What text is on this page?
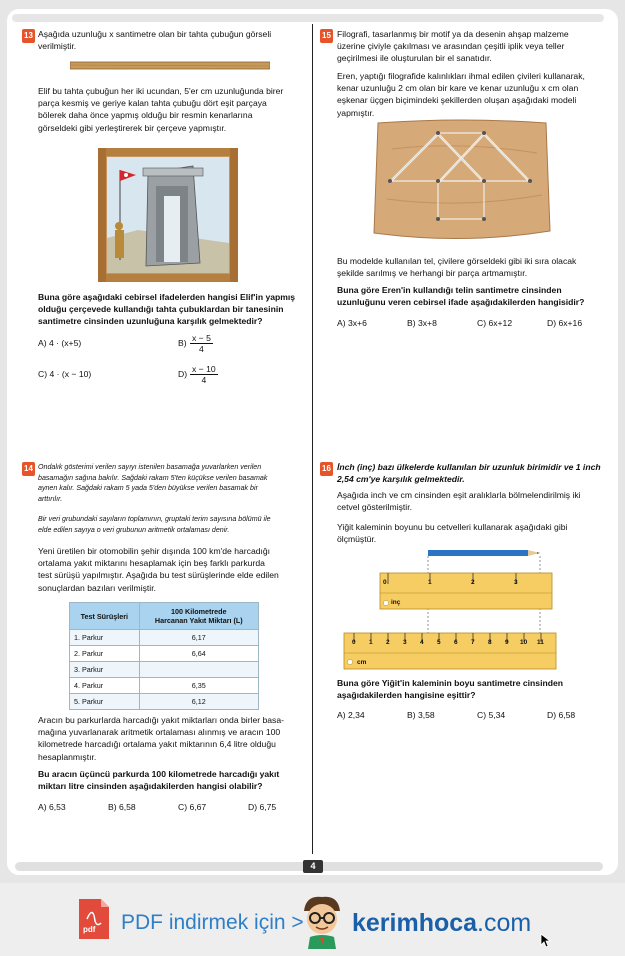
13 Aşağıda uzunluğu x santimetre olan bir tahta çubuğun görseli
verilmiştir.
Elif bu tahta çubuğun her iki ucundan, 5'er cm uzunluğunda birer
parça kesmiş ve geriye kalan tahta çubuğu dört eşit parçaya
bölerek daha önce yapmış olduğu bir resmin kenarlarına
görseldeki gibi yerleştirerek bir çerçeve yapmıştır.
Buna göre aşağıdaki cebirsel ifadelerden hangisi Elif'in yapmış
olduğu çerçevede kullandığı tahta çubuklardan bir tanesinin
santimetre cinsinden uzunluğuna karşılık gelmektedir?
A) 4 · (x+5)	$B) \frac{x - 5}{4}$
C) 4 · (x − 10)	$D) \frac{x - 10}{4}$
14 Ondalık gösterimi verilen sayıyı istenilen basamağa yuvarlarken verilen
basamağın sağına bakılır. Sağdaki rakam 5'ten küçükse verilen basamak
aynen kalır. Sağdaki rakam 5 yada 5'den büyükse verilen basamak bir
arttırılır.
Bir veri grubundaki sayıların toplamının, gruptaki terim sayısına bölümü ile
elde edilen sayıya o veri grubunun aritmetik ortalaması denir.
Yeni üretilen bir otomobilin şehir dışında 100 km'de harcadığı
ortalama yakıt miktarını hesaplamak için beş farklı parkurda
test sürüşü yapılmıştır. Aşağıda bu test sürüşlerinde elde edilen
sonuçlardan bazıları verilmiştir.
Test Sürüşleri	100 Kilometrede
Harcanan Yakıt Miktarı (L)

1. Parkur	6,17
2. Parkur	6,64
3. Parkur	
4. Parkur	6,35
5. Parkur	6,12
Aracın bu parkurlarda harcadığı yakıt miktarları onda birler basa-
mağına yuvarlanarak aritmetik ortalaması alınmış ve aracın 100
kilometrede harcadığı ortalama yakıt miktarının 6,4 litre olduğu
hesaplanmıştır.
Bu aracın üçüncü parkurda 100 kilometrede harcadığı yakıt
miktarı litre cinsinden aşağıdakilerden hangisi olabilir?
A) 6,53	B) 6,58	C) 6,67	D) 6,75
15 Filografi, tasarlanmış bir motif ya da desenin ahşap malzeme
üzerine çiviyle çakılması ve arasından çeşitli iplik veya teller
geçirilmesi ile oluşturulan bir el sanatıdır.
Eren, yaptığı filografide kalınlıkları ihmal edilen çivileri kullanarak,
kenar uzunluğu 2 cm olan bir kare ve kenar uzunluğu x cm olan
eşkenar üçgen biçimindeki şekillerden oluşan aşağıdaki modeli
yapmıştır.
Bu modelde kullanılan tel, çivilere görseldeki gibi iki sıra olacak
şekilde sarılmış ve herhangi bir parça artmamıştır.
Buna göre Eren'in kullandığı telin santimetre cinsinden
uzunluğunu veren cebirsel ifade aşağıdakilerden hangisidir?
A) 3x+6	B) 3x+8	C) 6x+12	D) 6x+16
16 İnch (inç) bazı ülkelerde kullanılan bir uzunluk birimidir ve 1 inch
2,54 cm'ye karşılık gelmektedir.
Aşağıda inch ve cm cinsinden eşit aralıklarla bölmelendirilmiş iki
cetvel gösterilmiştir.
Yiğit kaleminin boyunu bu cetvelleri kullanarak aşağıdaki gibi
ölçmüştür.
0	1	2	3
inç
0 1 2 3 4 5 6 7 8 9 10 11
cm
Buna göre Yiğit'in kaleminin boyu santimetre cinsinden
aşağıdakilerden hangisine eşittir?
A) 2,34	B) 3,58	C) 5,34	D) 6,58
4
pdf PDF indirmek için > kerimhoca .com
